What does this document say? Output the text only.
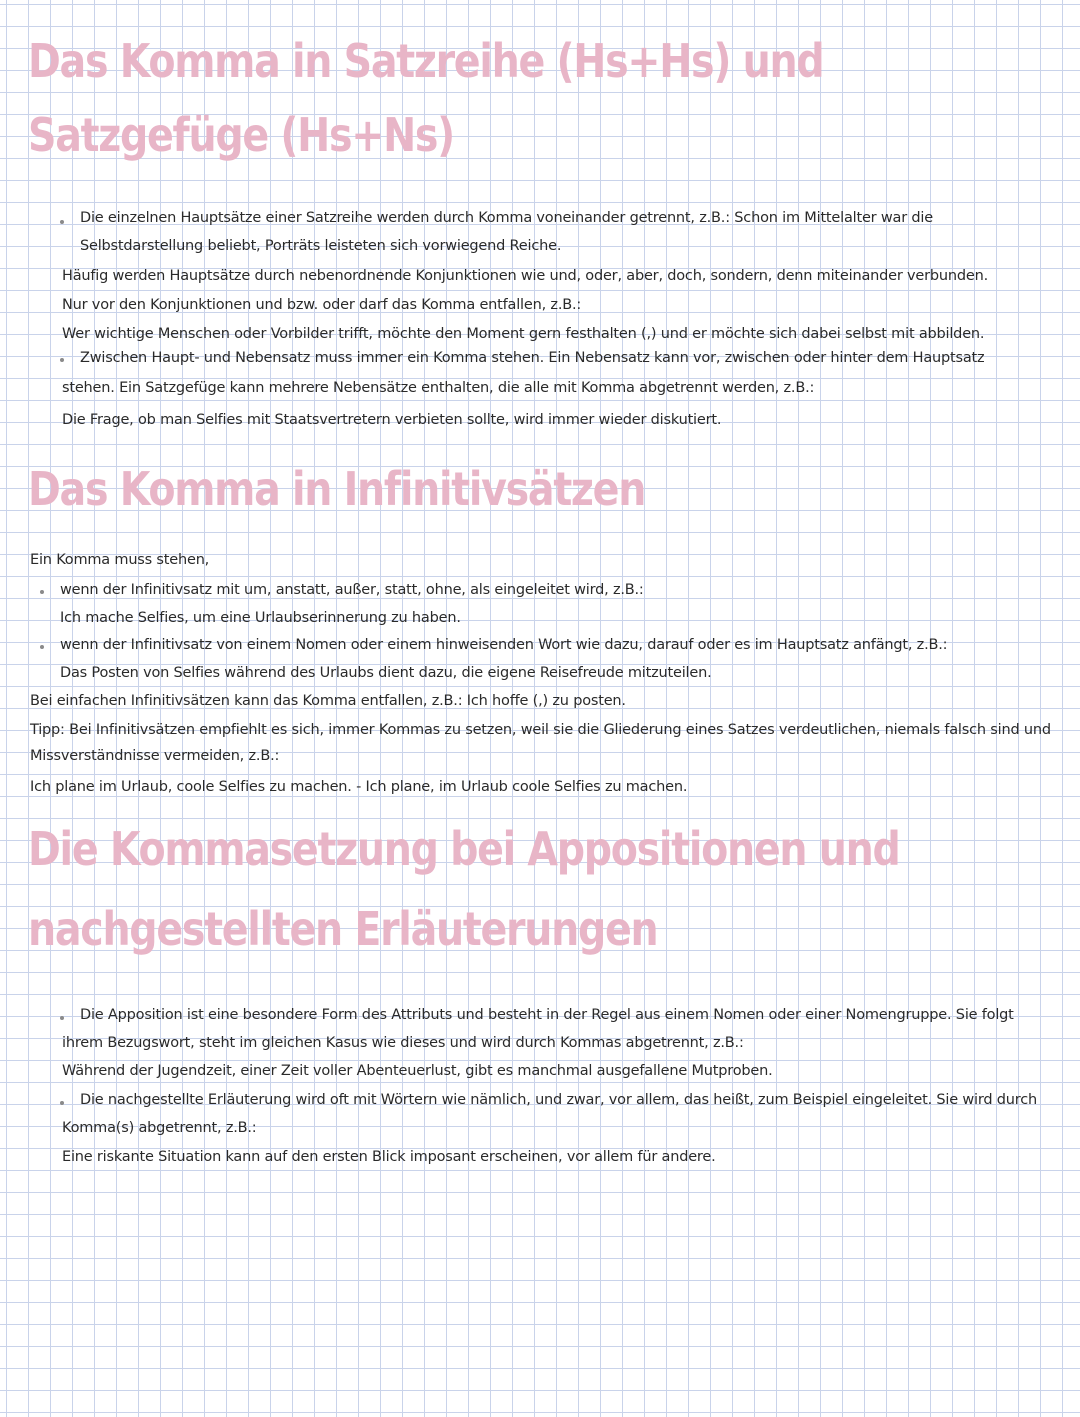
Das Komma in Satzreihe (Hs+Hs) und
Satzgefüge (Hs+Ns)
Die einzelnen Hauptsätze einer Satzreihe werden durch Komma voneinander getrennt, z.B.: Schon im Mittelalter war die
Selbstdarstellung beliebt, Porträts leisteten sich vorwiegend Reiche.
Häufig werden Hauptsätze durch nebenordnende Konjunktionen wie und, oder, aber, doch, sondern, denn miteinander verbunden.
Nur vor den Konjunktionen und bzw. oder darf das Komma entfallen, z.B.:
Wer wichtige Menschen oder Vorbilder trifft, möchte den Moment gern festhalten (,) und er möchte sich dabei selbst mit abbilden.
Zwischen Haupt- und Nebensatz muss immer ein Komma stehen. Ein Nebensatz kann vor, zwischen oder hinter dem Hauptsatz
stehen. Ein Satzgefüge kann mehrere Nebensätze enthalten, die alle mit Komma abgetrennt werden, z.B.:
Die Frage, ob man Selfies mit Staatsvertretern verbieten sollte, wird immer wieder diskutiert.
Das Komma in Infinitivsätzen
Ein Komma muss stehen,
wenn der Infinitivsatz mit um, anstatt, außer, statt, ohne, als eingeleitet wird, z.B.:
Ich mache Selfies, um eine Urlaubserinnerung zu haben.
wenn der Infinitivsatz von einem Nomen oder einem hinweisenden Wort wie dazu, darauf oder es im Hauptsatz anfängt, z.B.:
Das Posten von Selfies während des Urlaubs dient dazu, die eigene Reisefreude mitzuteilen.
Bei einfachen Infinitivsätzen kann das Komma entfallen, z.B.: Ich hoffe (,) zu posten.
Tipp: Bei Infinitivsätzen empfiehlt es sich, immer Kommas zu setzen, weil sie die Gliederung eines Satzes verdeutlichen, niemals falsch sind und
Missverständnisse vermeiden, z.B.:
Ich plane im Urlaub, coole Selfies zu machen. - Ich plane, im Urlaub coole Selfies zu machen.
Die Kommasetzung bei Appositionen und
nachgestellten Erläuterungen
Die Apposition ist eine besondere Form des Attributs und besteht in der Regel aus einem Nomen oder einer Nomengruppe. Sie folgt
ihrem Bezugswort, steht im gleichen Kasus wie dieses und wird durch Kommas abgetrennt, z.B.:
Während der Jugendzeit, einer Zeit voller Abenteuerlust, gibt es manchmal ausgefallene Mutproben.
Die nachgestellte Erläuterung wird oft mit Wörtern wie nämlich, und zwar, vor allem, das heißt, zum Beispiel eingeleitet. Sie wird durch
Komma(s) abgetrennt, z.B.:
Eine riskante Situation kann auf den ersten Blick imposant erscheinen, vor allem für andere.
